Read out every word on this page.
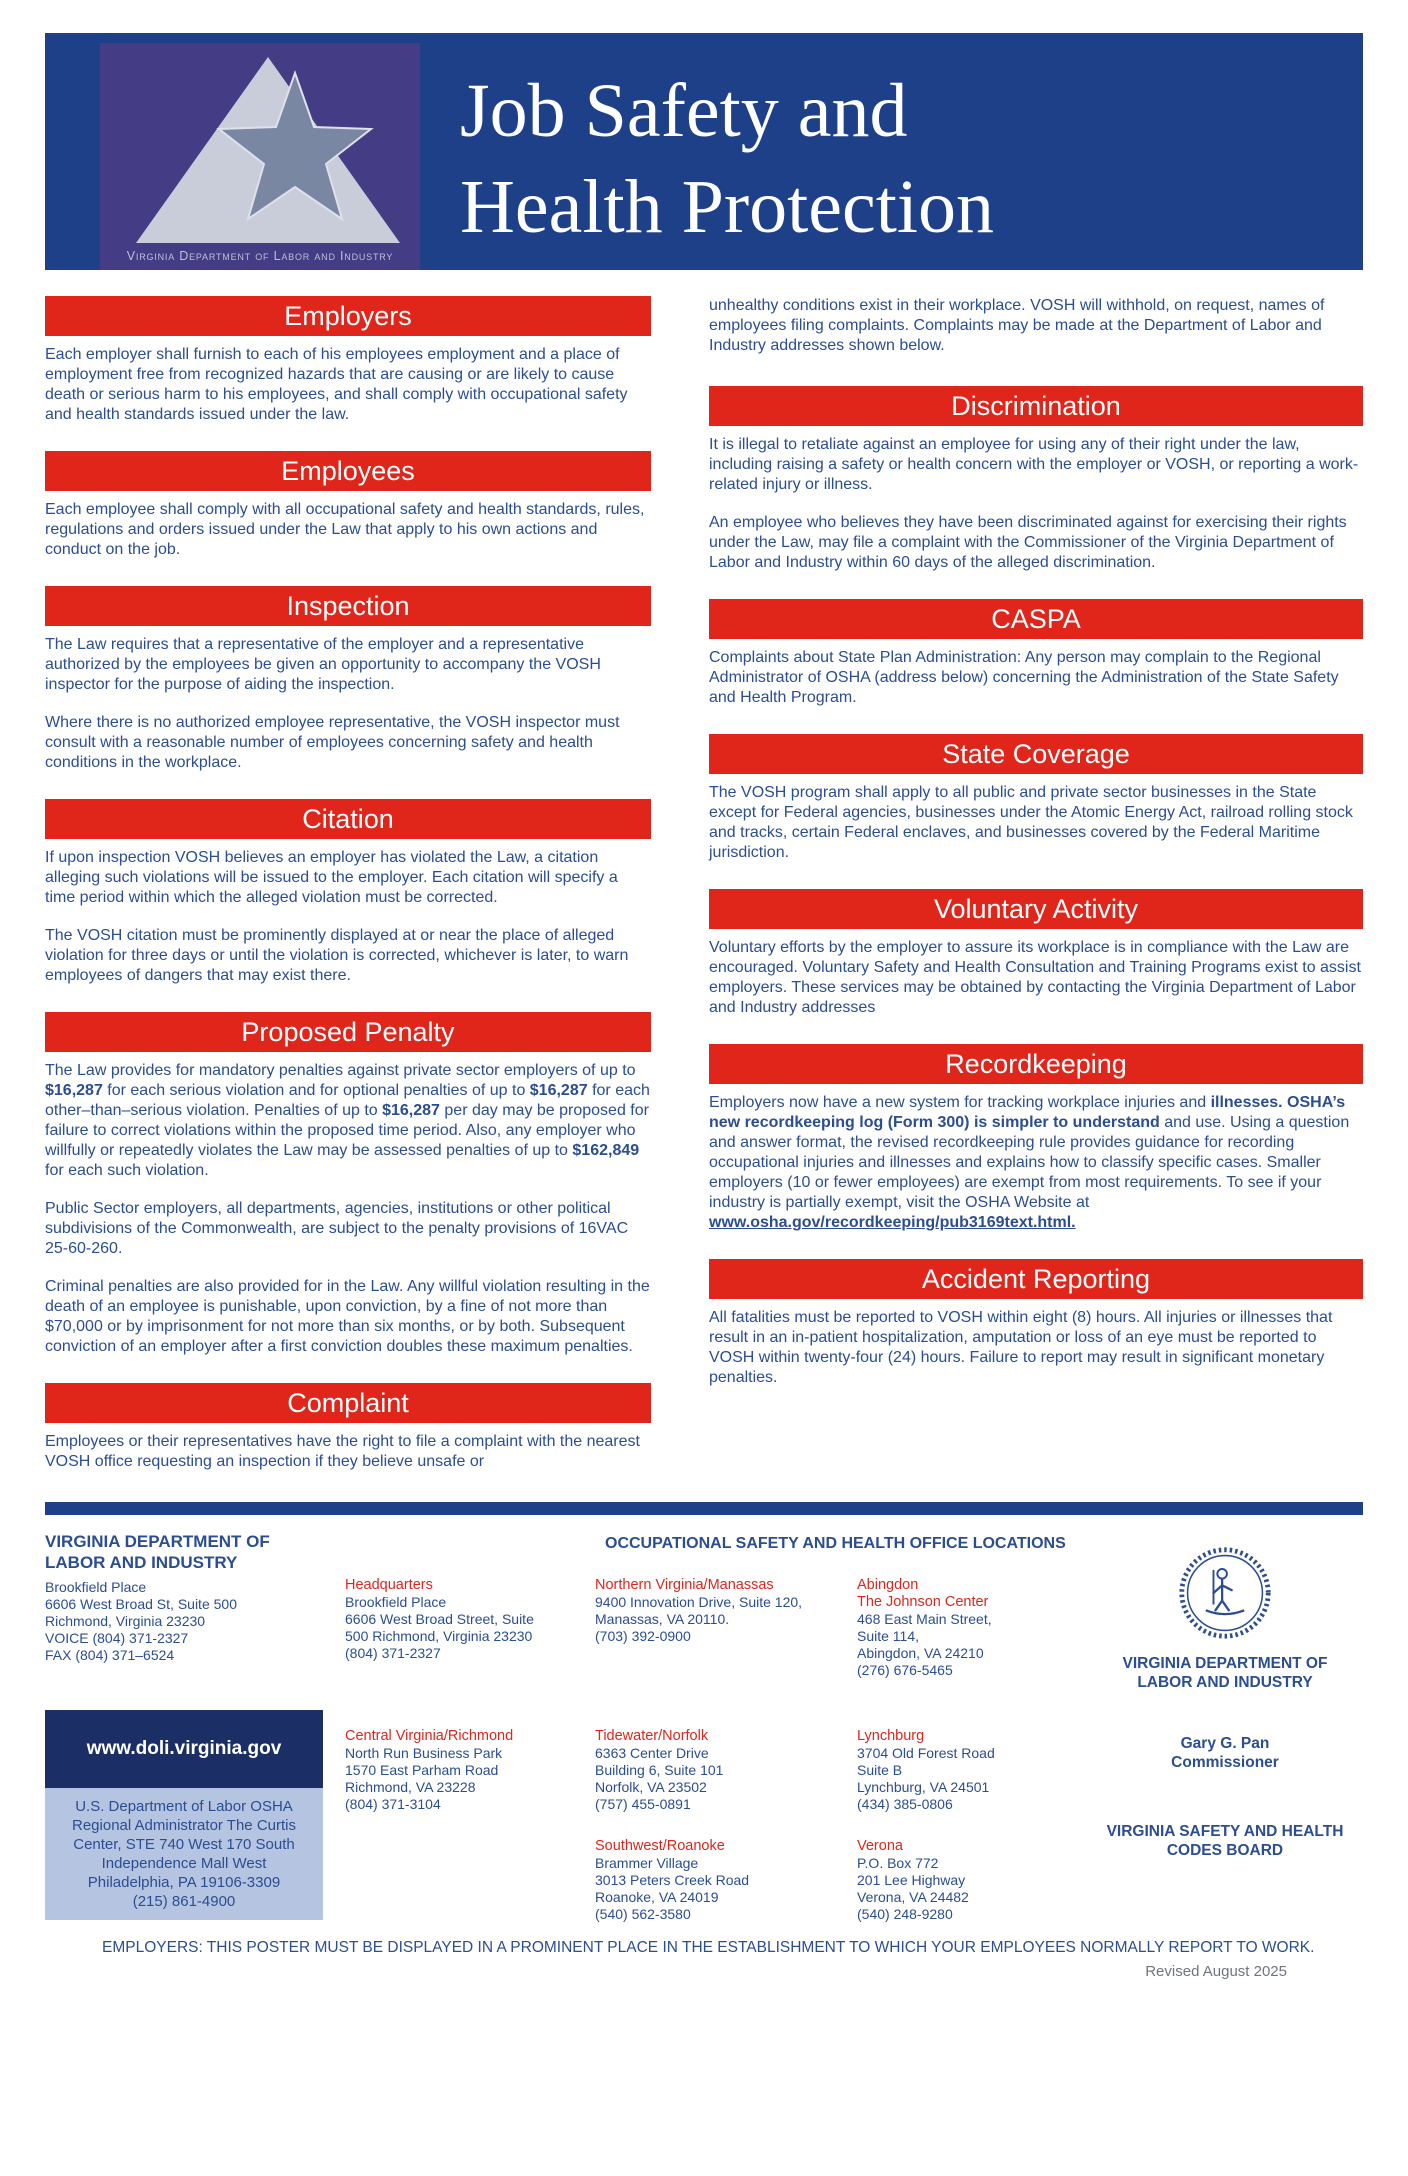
Virginia Department of Labor and Industry
Job Safety and
Health Protection

Employers

Each employer shall furnish to each of his employees employment and a place of employment free from recognized hazards that are causing or are likely to cause death or serious harm to his employees, and shall comply with occupational safety and health standards issued under the law.

Employees

Each employee shall comply with all occupational safety and health standards, rules, regulations and orders issued under the Law that apply to his own actions and conduct on the job.

Inspection

The Law requires that a representative of the employer and a representative authorized by the employees be given an opportunity to accompany the VOSH inspector for the purpose of aiding the inspection.

Where there is no authorized employee representative, the VOSH inspector must consult with a reasonable number of employees concerning safety and health conditions in the workplace.

Citation

If upon inspection VOSH believes an employer has violated the Law, a citation alleging such violations will be issued to the employer. Each citation will specify a time period within which the alleged violation must be corrected.

The VOSH citation must be prominently displayed at or near the place of alleged violation for three days or until the violation is corrected, whichever is later, to warn employees of dangers that may exist there.

Proposed Penalty

The Law provides for mandatory penalties against private sector employers of up to $16,287 for each serious violation and for optional penalties of up to $16,287 for each other–than–serious violation. Penalties of up to $16,287 per day may be proposed for failure to correct violations within the proposed time period. Also, any employer who willfully or repeatedly violates the Law may be assessed penalties of up to $162,849 for each such violation.

Public Sector employers, all departments, agencies, institutions or other political subdivisions of the Commonwealth, are subject to the penalty provisions of 16VAC 25-60-260.

Criminal penalties are also provided for in the Law. Any willful violation resulting in the death of an employee is punishable, upon conviction, by a fine of not more than $70,000 or by imprisonment for not more than six months, or by both. Subsequent conviction of an employer after a first conviction doubles these maximum penalties.

Complaint

Employees or their representatives have the right to file a complaint with the nearest VOSH office requesting an inspection if they believe unsafe or

unhealthy conditions exist in their workplace. VOSH will withhold, on request, names of employees filing complaints. Complaints may be made at the Department of Labor and Industry addresses shown below.

Discrimination

It is illegal to retaliate against an employee for using any of their right under the law, including raising a safety or health concern with the employer or VOSH, or reporting a work-related injury or illness.

An employee who believes they have been discriminated against for exercising their rights under the Law, may file a complaint with the Commissioner of the Virginia Department of Labor and Industry within 60 days of the alleged discrimination.

CASPA

Complaints about State Plan Administration: Any person may complain to the Regional Administrator of OSHA (address below) concerning the Administration of the State Safety and Health Program.

State Coverage

The VOSH program shall apply to all public and private sector businesses in the State except for Federal agencies, businesses under the Atomic Energy Act, railroad rolling stock and tracks, certain Federal enclaves, and businesses covered by the Federal Maritime jurisdiction.

Voluntary Activity

Voluntary efforts by the employer to assure its workplace is in compliance with the Law are encouraged. Voluntary Safety and Health Consultation and Training Programs exist to assist employers. These services may be obtained by contacting the Virginia Department of Labor and Industry addresses

Recordkeeping

Employers now have a new system for tracking workplace injuries and illnesses. OSHA’s new recordkeeping log (Form 300) is simpler to understand and use. Using a question and answer format, the revised recordkeeping rule provides guidance for recording occupational injuries and illnesses and explains how to classify specific cases. Smaller employers (10 or fewer employees) are exempt from most requirements. To see if your industry is partially exempt, visit the OSHA Website at www.osha.gov/recordkeeping/pub3169text.html.

Accident Reporting

All fatalities must be reported to VOSH within eight (8) hours. All injuries or illnesses that result in an in-patient hospitalization, amputation or loss of an eye must be reported to VOSH within twenty-four (24) hours. Failure to report may result in significant monetary penalties.

OCCUPATIONAL SAFETY AND HEALTH OFFICE LOCATIONS
VIRGINIA DEPARTMENT OF
LABOR AND INDUSTRY
Brookfield Place
6606 West Broad St, Suite 500
Richmond, Virginia 23230
VOICE (804) 371-2327
FAX (804) 371–6524
www.doli.virginia.gov
U.S. Department of Labor OSHA
Regional Administrator The Curtis
Center, STE 740 West 170 South
Independence Mall West
Philadelphia, PA 19106-3309
(215) 861-4900
Headquarters
Brookfield Place
6606 West Broad Street, Suite
500 Richmond, Virginia 23230
(804) 371-2327
Central Virginia/Richmond
North Run Business Park
1570 East Parham Road
Richmond, VA 23228
(804) 371-3104
Northern Virginia/Manassas
9400 Innovation Drive, Suite 120,
Manassas, VA 20110.
(703) 392-0900
Tidewater/Norfolk
6363 Center Drive
Building 6, Suite 101
Norfolk, VA 23502
(757) 455-0891
Southwest/Roanoke
Brammer Village
3013 Peters Creek Road
Roanoke, VA 24019
(540) 562-3580
Abingdon
The Johnson Center
468 East Main Street,
Suite 114,
Abingdon, VA 24210
(276) 676-5465
Lynchburg
3704 Old Forest Road
Suite B
Lynchburg, VA 24501
(434) 385-0806
Verona
P.O. Box 772
201 Lee Highway
Verona, VA 24482
(540) 248-9280
VIRGINIA DEPARTMENT OF
LABOR AND INDUSTRY
Gary G. Pan
Commissioner
VIRGINIA SAFETY AND HEALTH
CODES BOARD
EMPLOYERS: THIS POSTER MUST BE DISPLAYED IN A PROMINENT PLACE IN THE ESTABLISHMENT TO WHICH YOUR EMPLOYEES NORMALLY REPORT TO WORK.
Revised August 2025
